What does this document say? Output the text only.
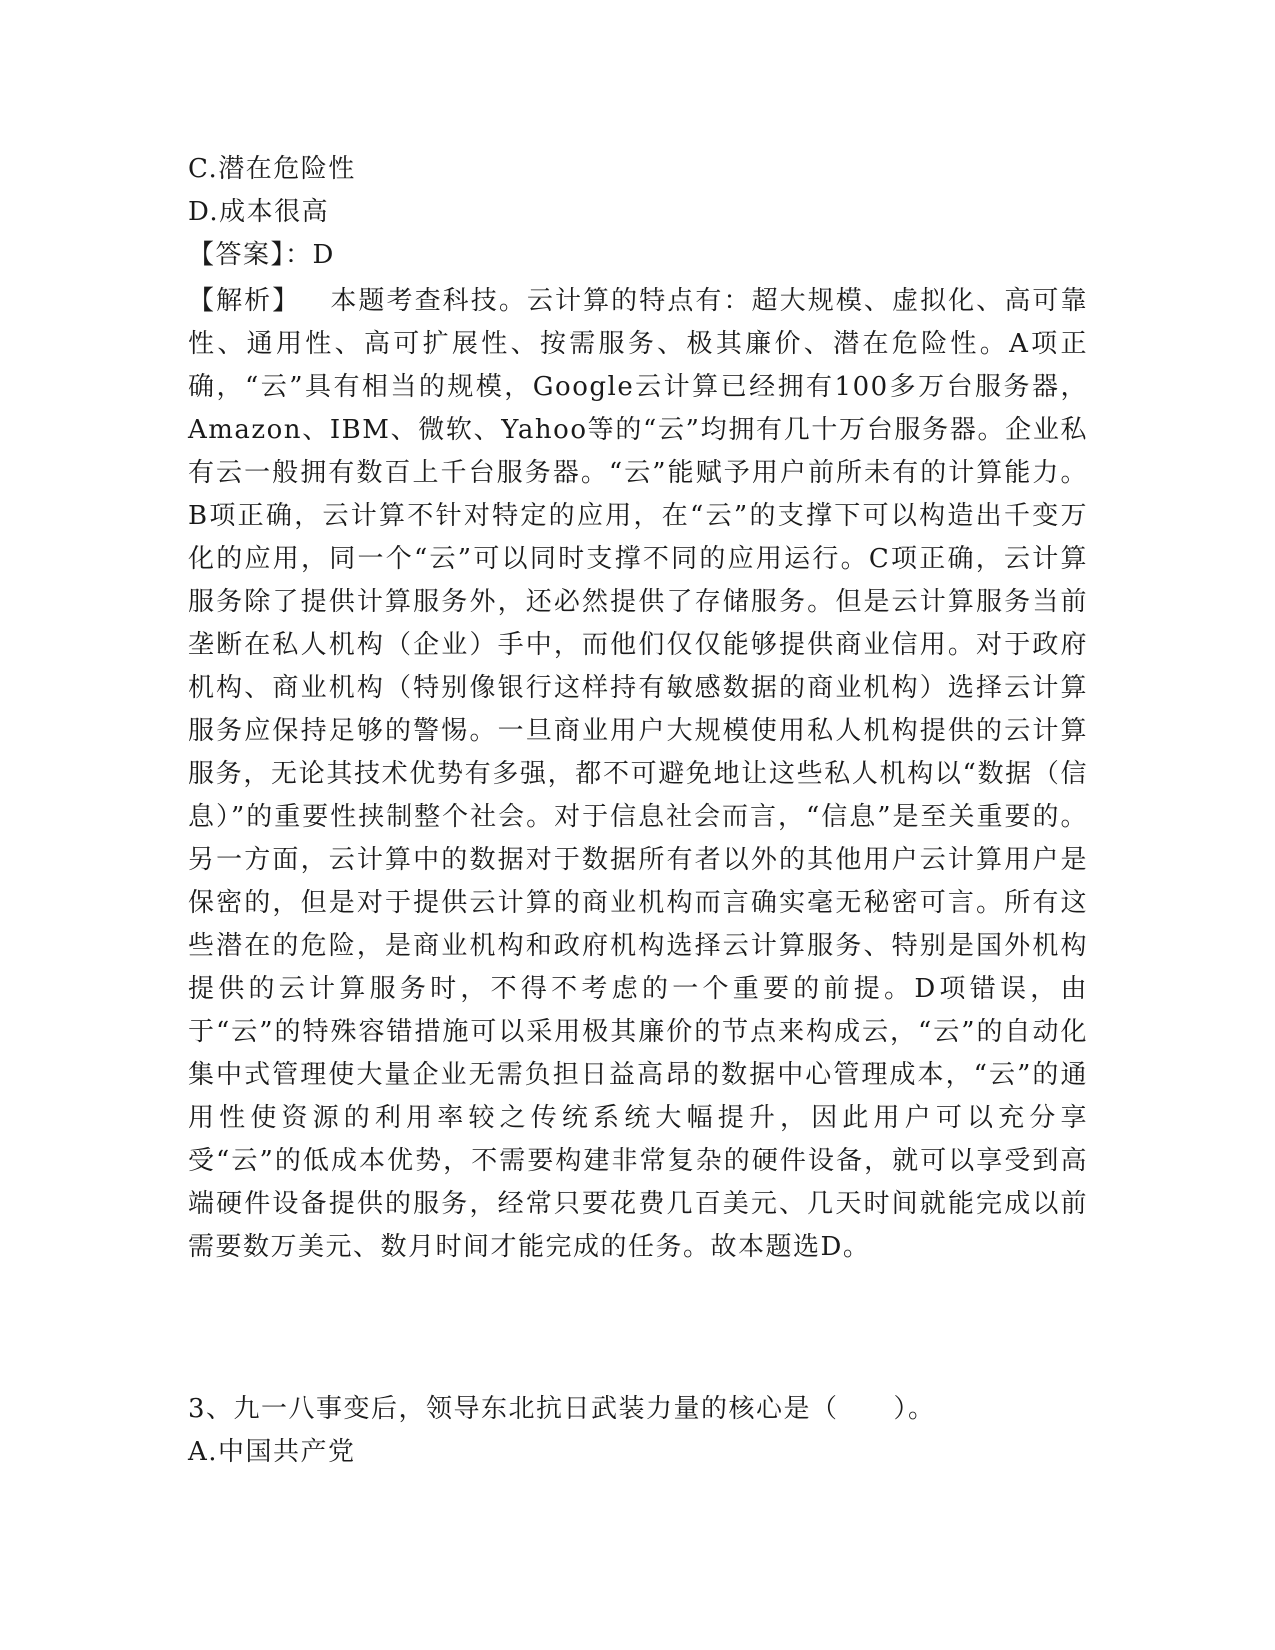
C.潜在危险性
D.成本很高
【答案】：D
【解析】 本题考查科技。云计算的特点有：超大规模、虚拟化、高可靠性、通用性、高可扩展性、按需服务、极其廉价、潜在危险性。A项正确，“云”具有相当的规模，Google云计算已经拥有100多万台服务器，Amazon、IBM、微软、Yahoo等的“云”均拥有几十万台服务器。企业私有云一般拥有数百上千台服务器。“云”能赋予用户前所未有的计算能力。B项正确，云计算不针对特定的应用，在“云”的支撑下可以构造出千变万化的应用，同一个“云”可以同时支撑不同的应用运行。C项正确，云计算服务除了提供计算服务外，还必然提供了存储服务。但是云计算服务当前垄断在私人机构（企业）手中，而他们仅仅能够提供商业信用。对于政府机构、商业机构（特别像银行这样持有敏感数据的商业机构）选择云计算服务应保持足够的警惕。一旦商业用户大规模使用私人机构提供的云计算服务，无论其技术优势有多强，都不可避免地让这些私人机构以“数据（信息）”的重要性挟制整个社会。对于信息社会而言，“信息”是至关重要的。另一方面，云计算中的数据对于数据所有者以外的其他用户云计算用户是保密的，但是对于提供云计算的商业机构而言确实毫无秘密可言。所有这些潜在的危险，是商业机构和政府机构选择云计算服务、特别是国外机构提供的云计算服务时，不得不考虑的一个重要的前提。D项错误，由于“云”的特殊容错措施可以采用极其廉价的节点来构成云，“云”的自动化集中式管理使大量企业无需负担日益高昂的数据中心管理成本，“云”的通用性使资源的利用率较之传统系统大幅提升，因此用户可以充分享受“云”的低成本优势，不需要构建非常复杂的硬件设备，就可以享受到高端硬件设备提供的服务，经常只要花费几百美元、几天时间就能完成以前需要数万美元、数月时间才能完成的任务。故本题选D。
3、九一八事变后，领导东北抗日武装力量的核心是（　　）。
A.中国共产党
